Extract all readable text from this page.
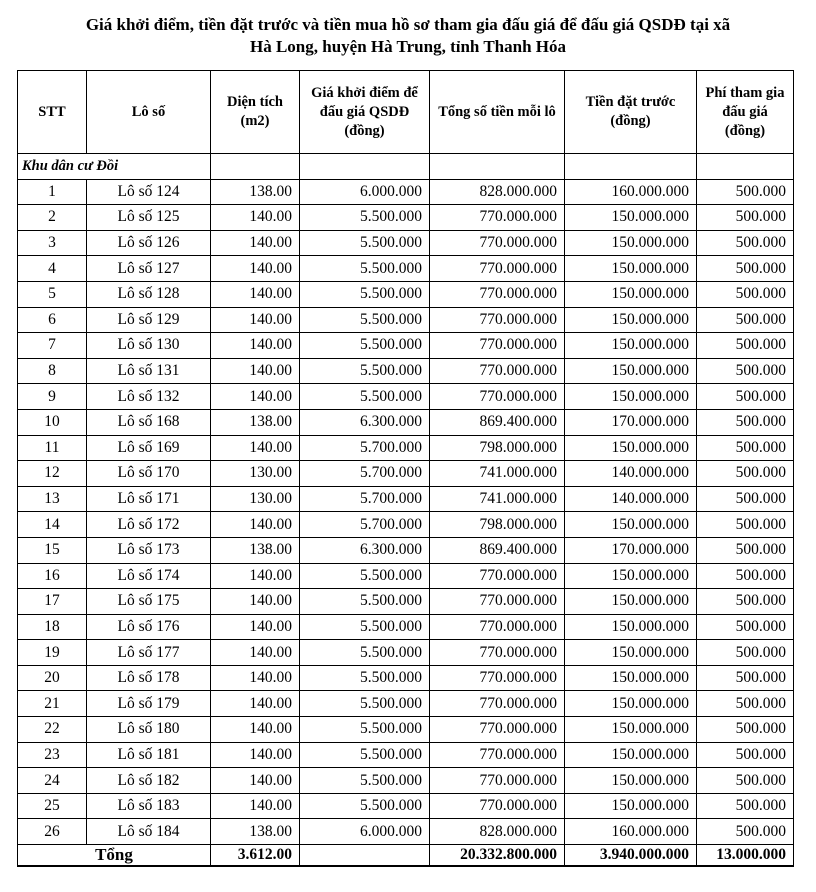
Giá khởi điểm, tiền đặt trước và tiền mua hồ sơ tham gia đấu giá để đấu giá QSDĐ tại xã
Hà Long, huyện Hà Trung, tỉnh Thanh Hóa
STT	Lô số	Diện tích (m2)	Giá khởi điểm để đấu giá QSDĐ (đồng)	Tổng số tiền mỗi lô	Tiền đặt trước (đồng)	Phí tham gia đấu giá (đồng)
Khu dân cư Đồi						
1	Lô số 124	138.00	6.000.000	828.000.000	160.000.000	500.000
2	Lô số 125	140.00	5.500.000	770.000.000	150.000.000	500.000
3	Lô số 126	140.00	5.500.000	770.000.000	150.000.000	500.000
4	Lô số 127	140.00	5.500.000	770.000.000	150.000.000	500.000
5	Lô số 128	140.00	5.500.000	770.000.000	150.000.000	500.000
6	Lô số 129	140.00	5.500.000	770.000.000	150.000.000	500.000
7	Lô số 130	140.00	5.500.000	770.000.000	150.000.000	500.000
8	Lô số 131	140.00	5.500.000	770.000.000	150.000.000	500.000
9	Lô số 132	140.00	5.500.000	770.000.000	150.000.000	500.000
10	Lô số 168	138.00	6.300.000	869.400.000	170.000.000	500.000
11	Lô số 169	140.00	5.700.000	798.000.000	150.000.000	500.000
12	Lô số 170	130.00	5.700.000	741.000.000	140.000.000	500.000
13	Lô số 171	130.00	5.700.000	741.000.000	140.000.000	500.000
14	Lô số 172	140.00	5.700.000	798.000.000	150.000.000	500.000
15	Lô số 173	138.00	6.300.000	869.400.000	170.000.000	500.000
16	Lô số 174	140.00	5.500.000	770.000.000	150.000.000	500.000
17	Lô số 175	140.00	5.500.000	770.000.000	150.000.000	500.000
18	Lô số 176	140.00	5.500.000	770.000.000	150.000.000	500.000
19	Lô số 177	140.00	5.500.000	770.000.000	150.000.000	500.000
20	Lô số 178	140.00	5.500.000	770.000.000	150.000.000	500.000
21	Lô số 179	140.00	5.500.000	770.000.000	150.000.000	500.000
22	Lô số 180	140.00	5.500.000	770.000.000	150.000.000	500.000
23	Lô số 181	140.00	5.500.000	770.000.000	150.000.000	500.000
24	Lô số 182	140.00	5.500.000	770.000.000	150.000.000	500.000
25	Lô số 183	140.00	5.500.000	770.000.000	150.000.000	500.000
26	Lô số 184	138.00	6.000.000	828.000.000	160.000.000	500.000
Tổng		3.612.00		20.332.800.000	3.940.000.000	13.000.000
